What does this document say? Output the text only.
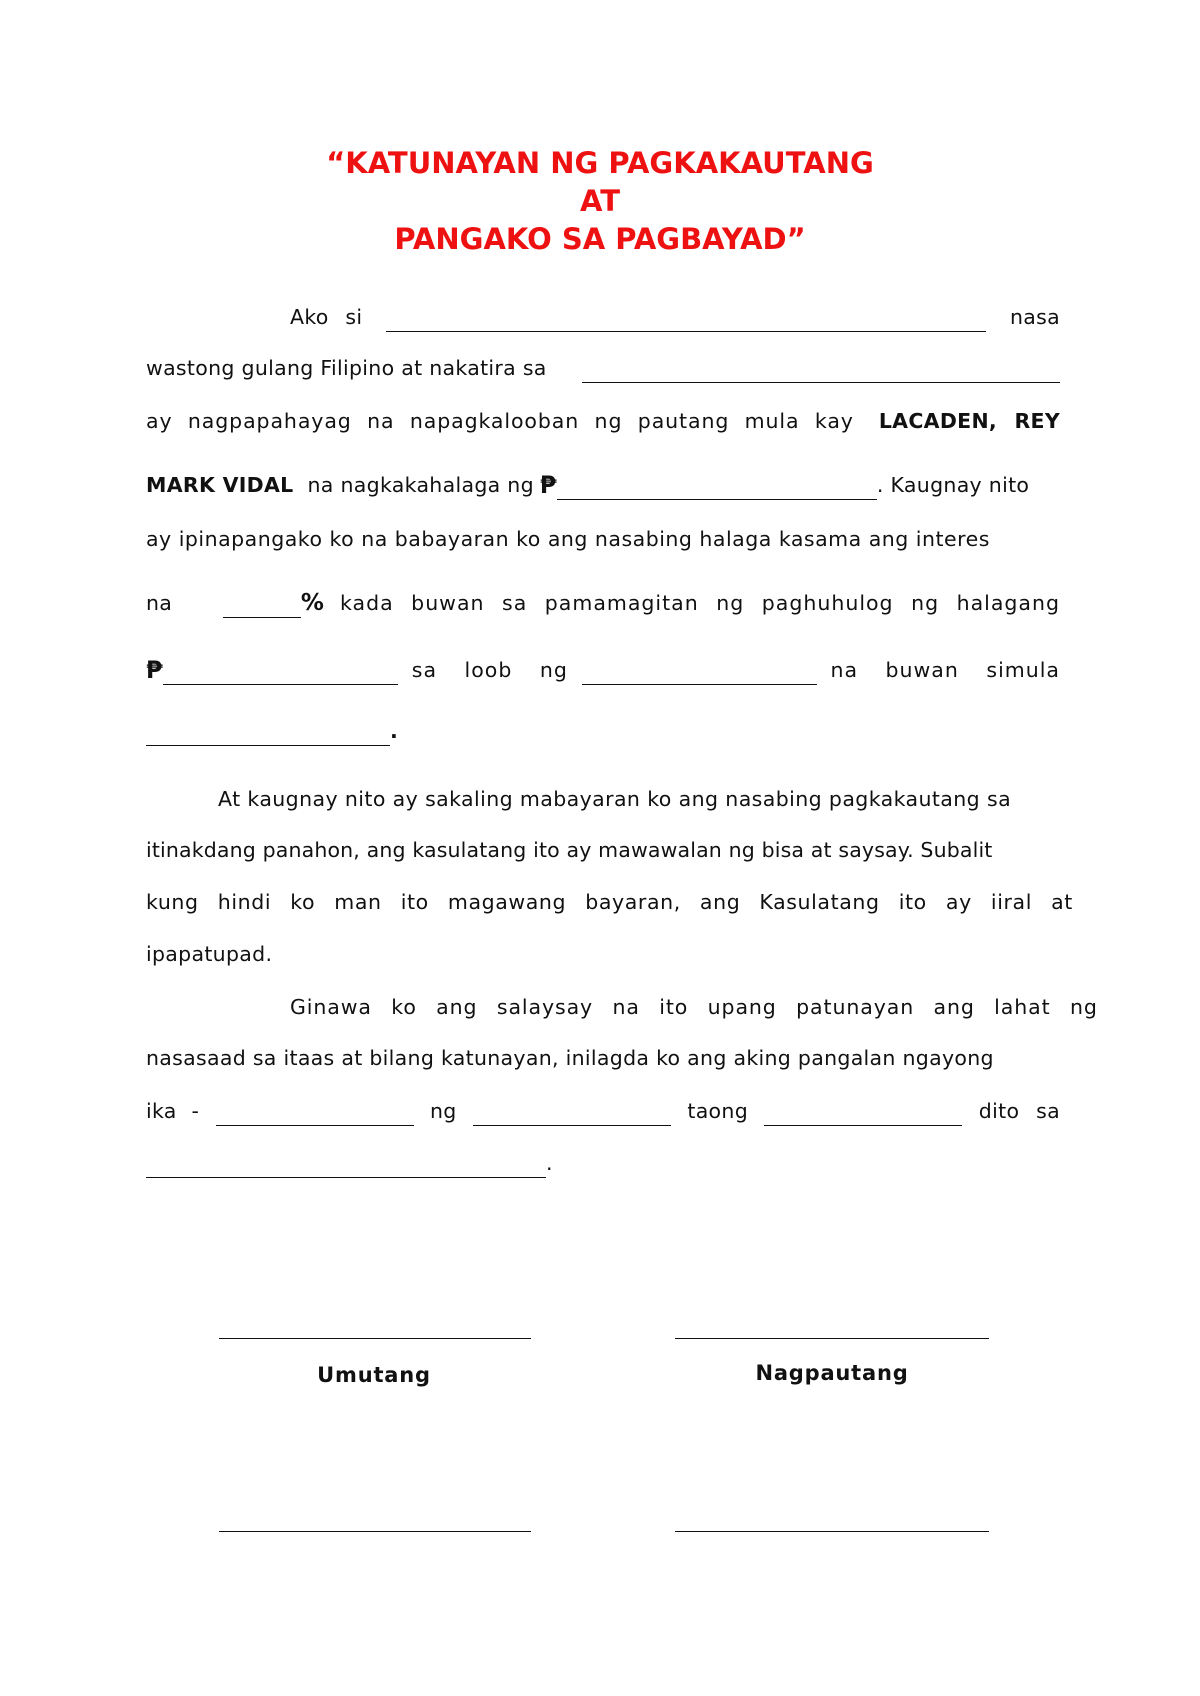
“KATUNAYAN NG PAGKAKAUTANG
AT
PANGAKO SA PAGBAYAD”
Ako si	nasa
wastong gulang Filipino at nakatira sa
ay nagpapahayag na napagkalooban ng pautang mula kay LACADEN, REY
MARK VIDAL na nagkakahalaga ng ₱	. Kaugnay nito
ay ipinapangako ko na babayaran ko ang nasabing halaga kasama ang interes
na	% kada buwan sa pamamagitan ng paghuhulog ng halagang
₱	sa loob ng	na buwan simula
.
At kaugnay nito ay sakaling mabayaran ko ang nasabing pagkakautang sa
itinakdang panahon, ang kasulatang ito ay mawawalan ng bisa at saysay. Subalit
kung hindi ko man ito magawang bayaran, ang Kasulatang ito ay iiral at
ipapatupad.
Ginawa ko ang salaysay na ito upang patunayan ang lahat ng
nasasaad sa itaas at bilang katunayan, inilagda ko ang aking pangalan ngayong
ika -	ng	taong	dito sa
.
Umutang	Nagpautang
